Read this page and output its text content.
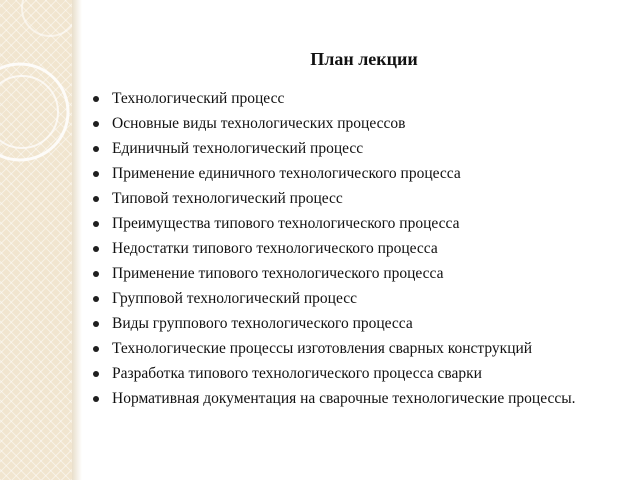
План лекции
Технологический процесс
Основные виды технологических процессов
Единичный технологический процесс
Применение единичного технологического процесса
Типовой технологический процесс
Преимущества типового технологического процесса
Недостатки типового технологического процесса
Применение типового технологического процесса
Групповой технологический процесс
Виды группового технологического процесса
Технологические процессы изготовления сварных конструкций
Разработка типового технологического процесса сварки
Нормативная документация на сварочные технологические процессы.
